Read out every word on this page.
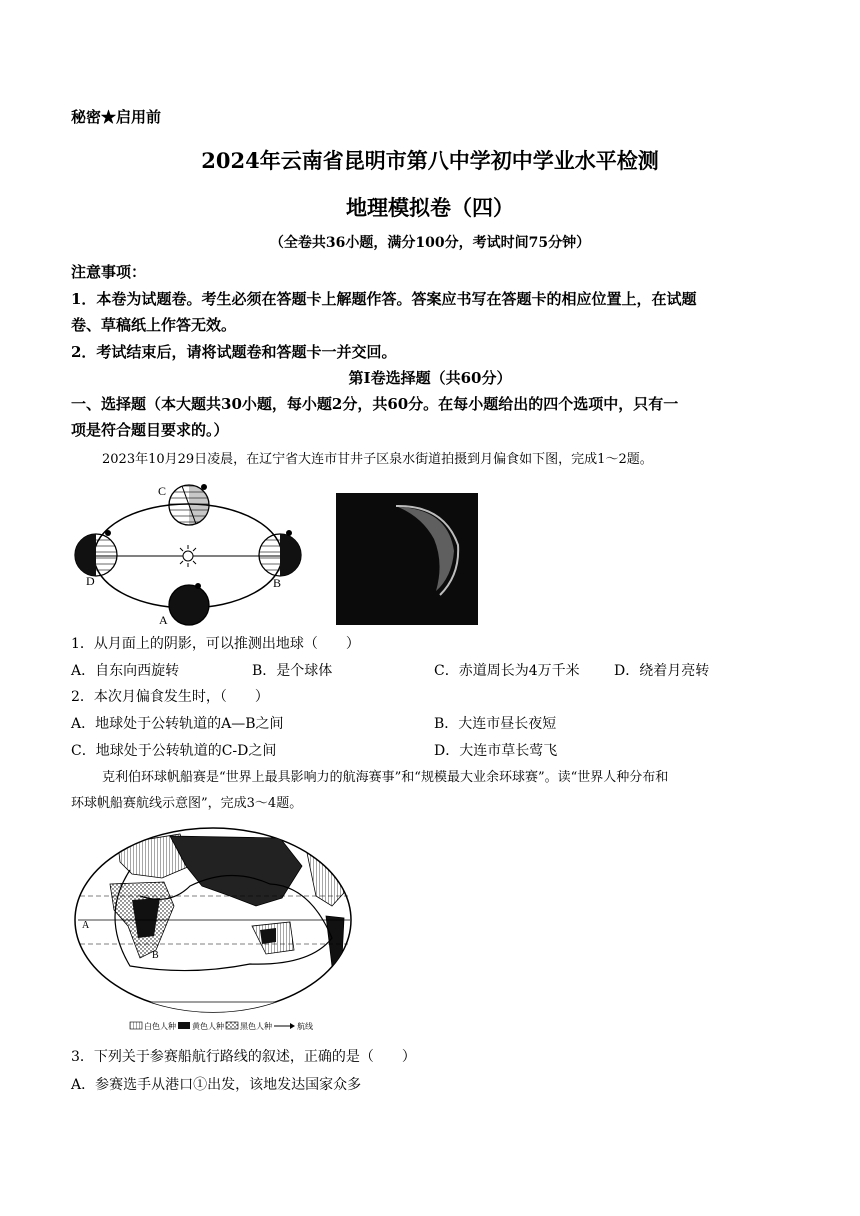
秘密★启用前
2024年云南省昆明市第八中学初中学业水平检测
地理模拟卷（四）
（全卷共36小题，满分100分，考试时间75分钟）
注意事项：
1．本卷为试题卷。考生必须在答题卡上解题作答。答案应书写在答题卡的相应位置上，在试题
卷、草稿纸上作答无效。
2．考试结束后，请将试题卷和答题卡一并交回。
第Ⅰ卷选择题（共60分）
一、选择题（本大题共30小题，每小题2分，共60分。在每小题给出的四个选项中，只有一
项是符合题目要求的。）
2023年10月29日凌晨，在辽宁省大连市甘井子区泉水街道拍摄到月偏食如下图，完成1～2题。
C
D	B
A
1．从月面上的阴影，可以推测出地球（　　）
A．自东向西旋转	B．是个球体	C．赤道周长为4万千米 D．绕着月亮转
2．本次月偏食发生时，（　　）
A．地球处于公转轨道的A—B之间	B．大连市昼长夜短
C．地球处于公转轨道的C-D之间	D．大连市草长莺飞
克利伯环球帆船赛是“世界上最具影响力的航海赛事”和“规模最大业余环球赛”。读“世界人种分布和
环球帆船赛航线示意图”，完成3～4题。
A
B
白色人种 黄色人种 黑色人种	航线
3．下列关于参赛船航行路线的叙述，正确的是（　　）
A．参赛选手从港口①出发，该地发达国家众多
